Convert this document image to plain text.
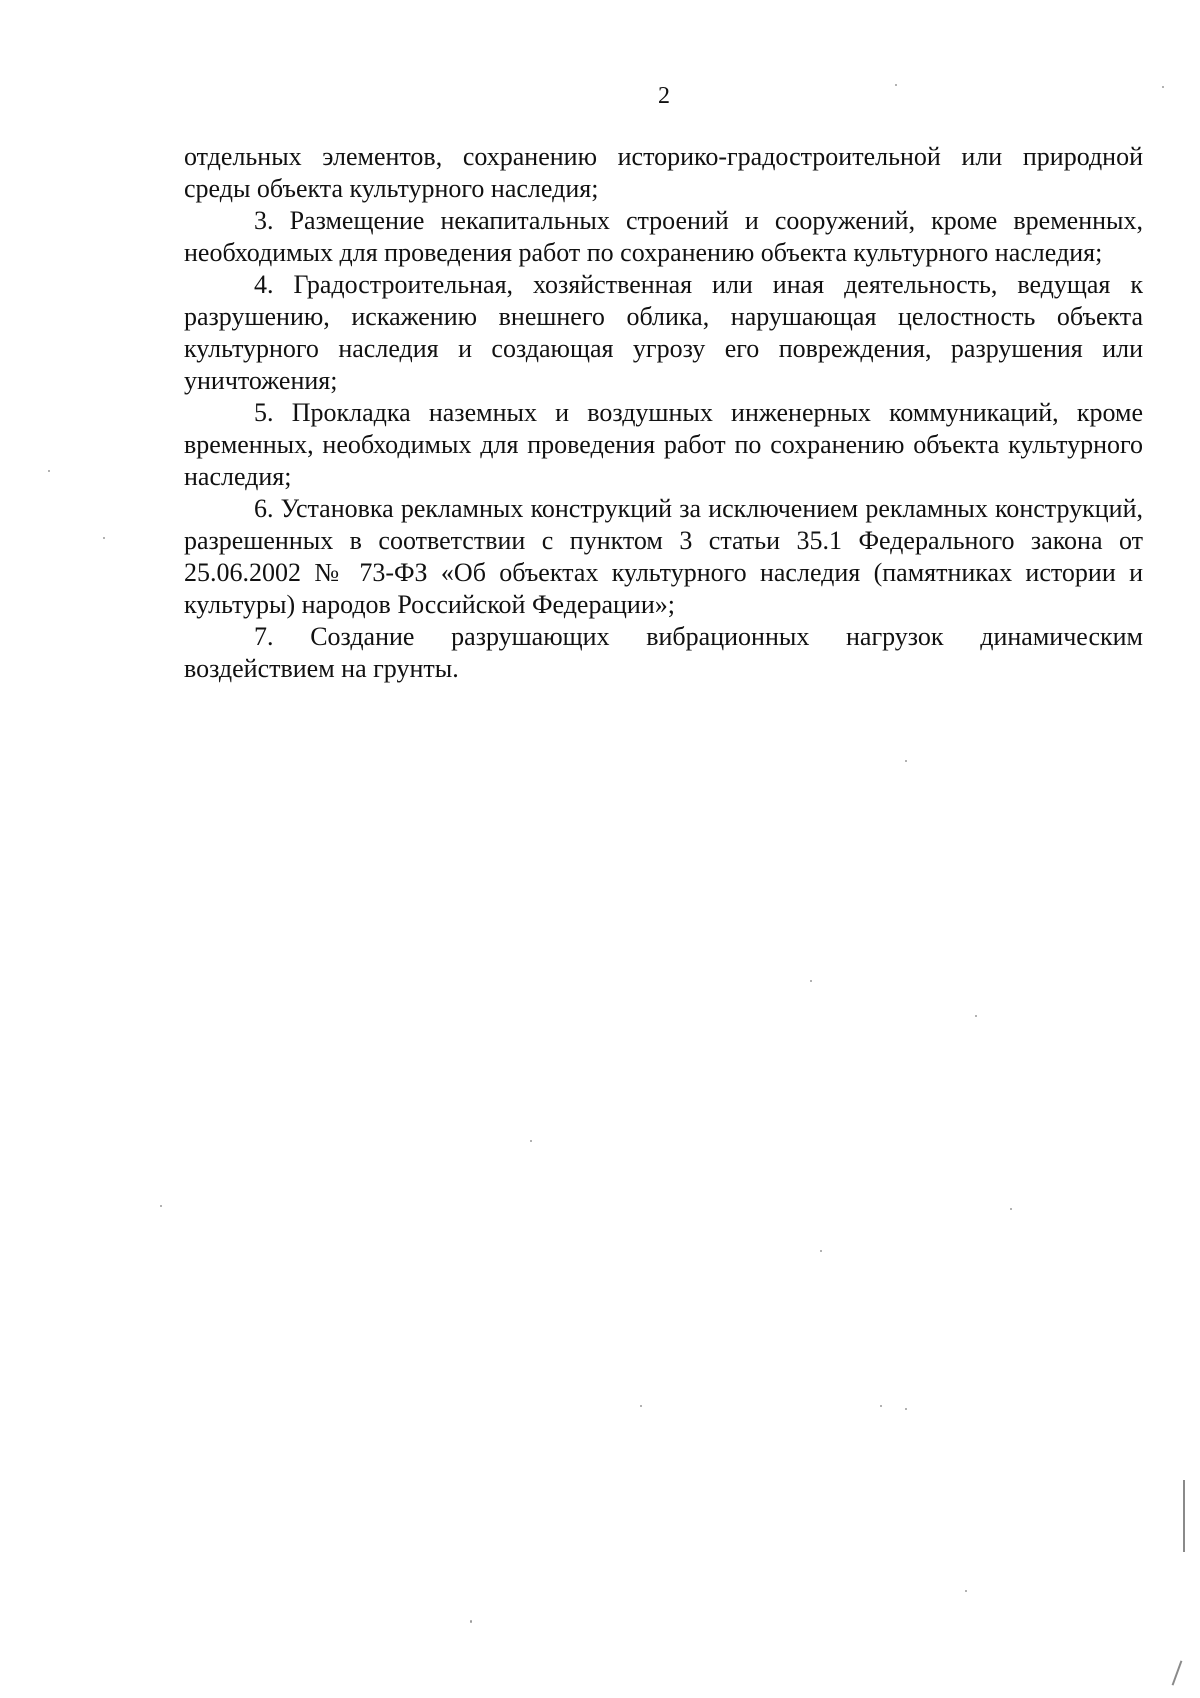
2

отдельных элементов, сохранению историко-градостроительной или природной среды объекта культурного наследия;

3. Размещение некапитальных строений и сооружений, кроме временных, необходимых для проведения работ по сохранению объекта культурного наследия;

4. Градостроительная, хозяйственная или иная деятельность, ведущая к разрушению, искажению внешнего облика, нарушающая целостность объекта культурного наследия и создающая угрозу его повреждения, разрушения или уничтожения;

5. Прокладка наземных и воздушных инженерных коммуникаций, кроме временных, необходимых для проведения работ по сохранению объекта культурного наследия;

6. Установка рекламных конструкций за исключением рекламных конструкций, разрешенных в соответствии с пунктом 3 статьи 35.1 Федерального закона от 25.06.2002 № 73-ФЗ «Об объектах культурного наследия (памятниках истории и культуры) народов Российской Федерации»;

7. Создание разрушающих вибрационных нагрузок динамическим воздействием на грунты.
